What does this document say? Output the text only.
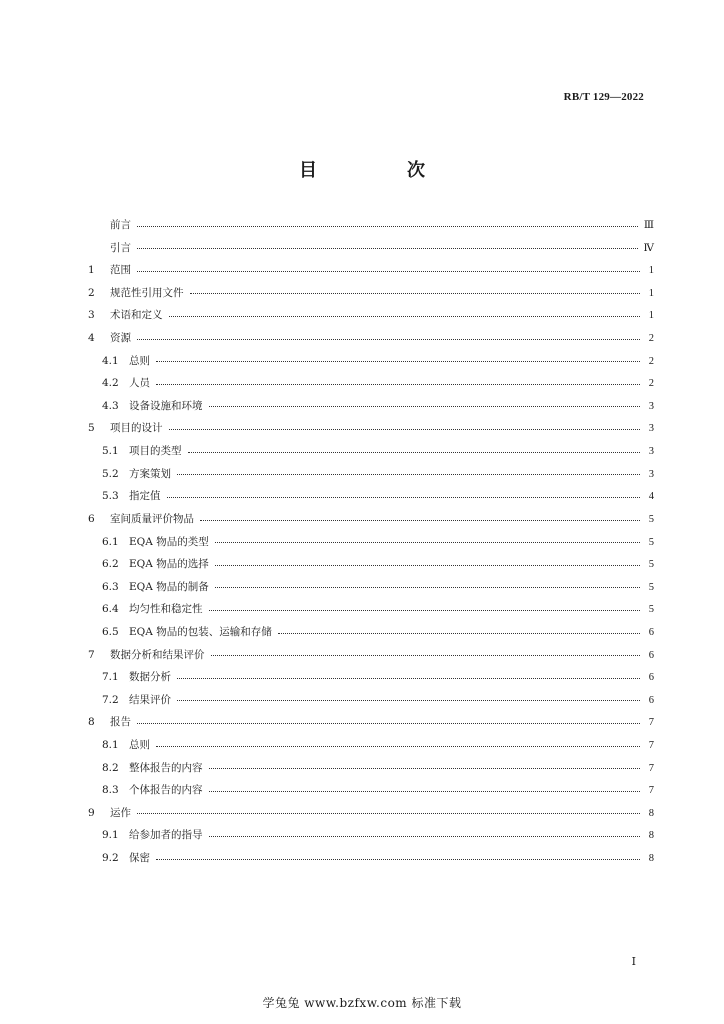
RB/T 129—2022
目　次
前言	Ⅲ
引言	Ⅳ
1	范围	1
2	规范性引用文件	1
3	术语和定义	1
4	资源	2
4.1 总则	2
4.2 人员	2
4.3 设备设施和环境	3
5	项目的设计	3
5.1 项目的类型	3
5.2 方案策划	3
5.3 指定值	4
6	室间质量评价物品	5
6.1 EQA 物品的类型	5
6.2 EQA 物品的选择	5
6.3 EQA 物品的制备	5
6.4 均匀性和稳定性	5
6.5 EQA 物品的包装、运输和存储	6
7	数据分析和结果评价	6
7.1 数据分析	6
7.2 结果评价	6
8	报告	7
8.1 总则	7
8.2 整体报告的内容	7
8.3 个体报告的内容	7
9	运作	8
9.1 给参加者的指导	8
9.2 保密	8
I
学兔兔 www.bzfxw.com 标准下载
